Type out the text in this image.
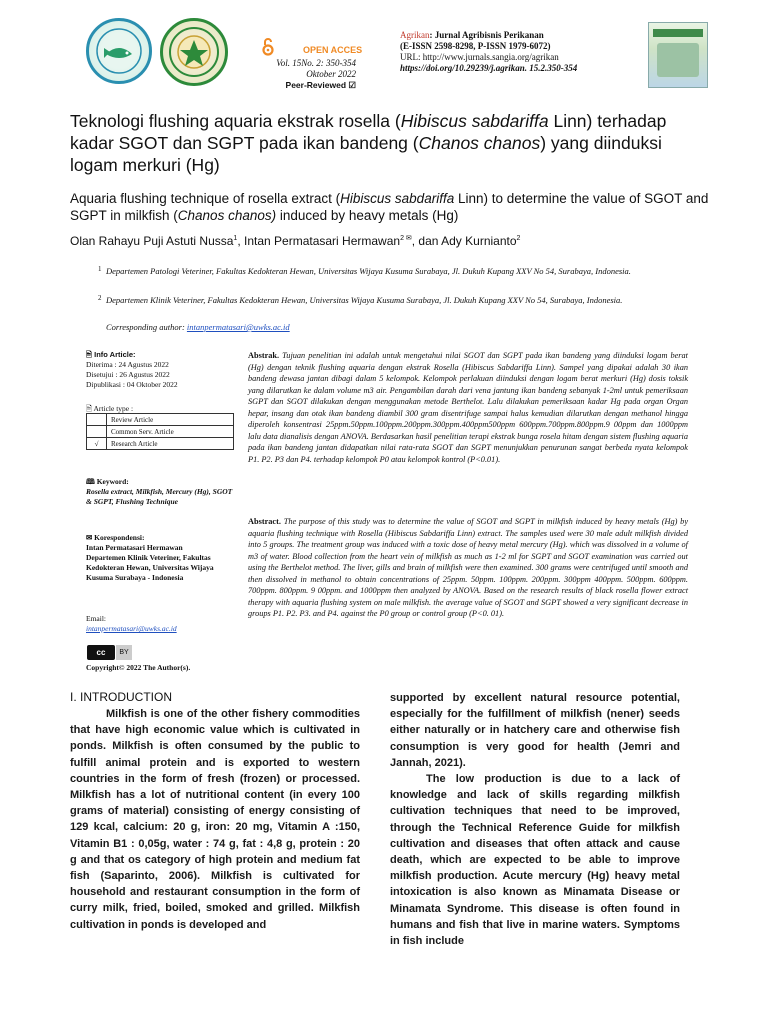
OPEN ACCES
Vol. 15No. 2: 350-354
Oktober 2022
Peer-Reviewed ☑
Agrikan: Jurnal Agribisnis Perikanan
(E-ISSN 2598-8298, P-ISSN 1979-6072)
URL: http://www.jurnals.sangia.org/agrikan
https://doi.org/10.29239/j.agrikan. 15.2.350-354
Teknologi flushing aquaria ekstrak rosella (Hibiscus sabdariffa Linn) terhadap kadar SGOT dan SGPT pada ikan bandeng (Chanos chanos) yang diinduksi logam merkuri (Hg)
Aquaria flushing technique of rosella extract (Hibiscus sabdariffa Linn) to determine the value of SGOT and SGPT in milkfish (Chanos chanos) induced by heavy metals (Hg)
Olan Rahayu Puji Astuti Nussa$^1$, Intan Permatasari Hermawan$^{2 ✉}$, dan Ady Kurnianto$^2$
1 Departemen Patologi Veteriner, Fakultas Kedokteran Hewan, Universitas Wijaya Kusuma Surabaya, Jl. Dukuh Kupang XXV No 54, Surabaya, Indonesia.
2 Departemen Klinik Veteriner, Fakultas Kedokteran Hewan, Universitas Wijaya Kusuma Surabaya, Jl. Dukuh Kupang XXV No 54, Surabaya, Indonesia.
Corresponding author: intanpermatasari@uwks.ac.id
🖹 Info Article:
Diterima : 24 Agustus 2022
Disetujui : 26 Agustus 2022
Dipublikasi : 04 Oktober 2022
🖹 Article type :
	Review Article
	Common Serv. Article
√	Research Article
🕮 Keyword:
Rosella extract, Milkfish, Mercury (Hg), SGOT & SGPT, Flushing Technique
✉ Korespondensi:
Intan Permatasari Hermawan
Departemen Klinik Veteriner, Fakultas Kedokteran Hewan, Universitas Wijaya Kusuma Surabaya - Indonesia
Email:
intanpermatasari@uwks.ac.id
cc	BY
Copyright© 2022 The Author(s).
Abstrak. Tujuan penelitian ini adalah untuk mengetahui nilai SGOT dan SGPT pada ikan bandeng yang diinduksi logam berat (Hg) dengan teknik flushing aquaria dengan ekstrak Rosella (Hibiscus Sabdariffa Linn). Sampel yang dipakai adalah 30 ikan bandeng dewasa jantan dibagi dalam 5 kelompok. Kelompok perlakuan diinduksi dengan logam berat merkuri (Hg) dosis toksik yang dilarutkan ke dalam volume m3 air. Pengambilan darah dari vena jantung ikan bandeng sebanyak 1-2ml untuk pemeriksaan SGPT dan SGOT dilakukan dengan menggunakan metode Berthelot. Lalu dilakukan pemeriksaan kadar Hg pada organ Organ hepar, insang dan otak ikan bandeng diambil 300 gram disentrifuge sampai halus kemudian dilarutkan dengan methanol hingga diperoleh konsentrasi 25ppm.50ppm.100ppm.200ppm.300ppm.400ppm500ppm 600ppm.700ppm.800ppm.9 00ppm dan 1000ppm lalu data dianalisis dengan ANOVA. Berdasarkan hasil penelitian terapi ekstrak bunga rosela hitam dengan sistem flushing aquaria pada ikan bandeng jantan didapatkan nilai rata-rata SGOT dan SGPT menunjukkan penurunan sangat berbeda nyata kelompok P1. P2. P3 dan P4. terhadap kelompok P0 atau kelompok kontrol (P<0.01).
Abstract. The purpose of this study was to determine the value of SGOT and SGPT in milkfish induced by heavy metals (Hg) by aquaria flushing technique with Rosella (Hibiscus Sabdariffa Linn) extract. The samples used were 30 male adult milkfish divided into 5 groups. The treatment group was induced with a toxic dose of heavy metal mercury (Hg). which was dissolved in a volume of m3 of water. Blood collection from the heart vein of milkfish as much as 1-2 ml for SGPT and SGOT examination was carried out using the Berthelot method. The liver, gills and brain of milkfish were then examined. 300 grams were centrifuged until smooth and then dissolved in methanol to obtain concentrations of 25ppm. 50ppm. 100ppm. 200ppm. 300ppm 400ppm. 500ppm. 600ppm. 700ppm. 800ppm. 9 00ppm. and 1000ppm then analyzed by ANOVA. Based on the research results of black rosella flower extract therapy with aquaria flushing system on male milkfish. the average value of SGOT and SGPT showed a very significant decrease in groups P1. P2. P3. and P4. against the P0 group or control group (P<0. 01).
I. INTRODUCTION

Milkfish is one of the other fishery commodities that have high economic value which is cultivated in ponds. Milkfish is often consumed by the public to fulfill animal protein and is exported to western countries in the form of fresh (frozen) or processed. Milkfish has a lot of nutritional content (in every 100 grams of material) consisting of energy consisting of 129 kcal, calcium: 20 g, iron: 20 mg, Vitamin A :150, Vitamin B1 : 0,05g, water : 74 g, fat : 4,8 g, protein : 20 g and that os category of high protein and medium fat fish (Saparinto, 2006). Milkfish is cultivated for household and restaurant consumption in the form of curry milk, fried, boiled, smoked and grilled. Milkfish cultivation in ponds is developed and

supported by excellent natural resource potential, especially for the fulfillment of milkfish (nener) seeds either naturally or in hatchery care and otherwise fish consumption is very good for health (Jemri and Jannah, 2021).

The low production is due to a lack of knowledge and lack of skills regarding milkfish cultivation techniques that need to be improved, through the Technical Reference Guide for milkfish cultivation and diseases that often attack and cause death, which are expected to be able to improve milkfish production. Acute mercury (Hg) heavy metal intoxication is also known as Minamata Disease or Minamata Syndrome. This disease is often found in humans and fish that live in marine waters. Symptoms in fish include
